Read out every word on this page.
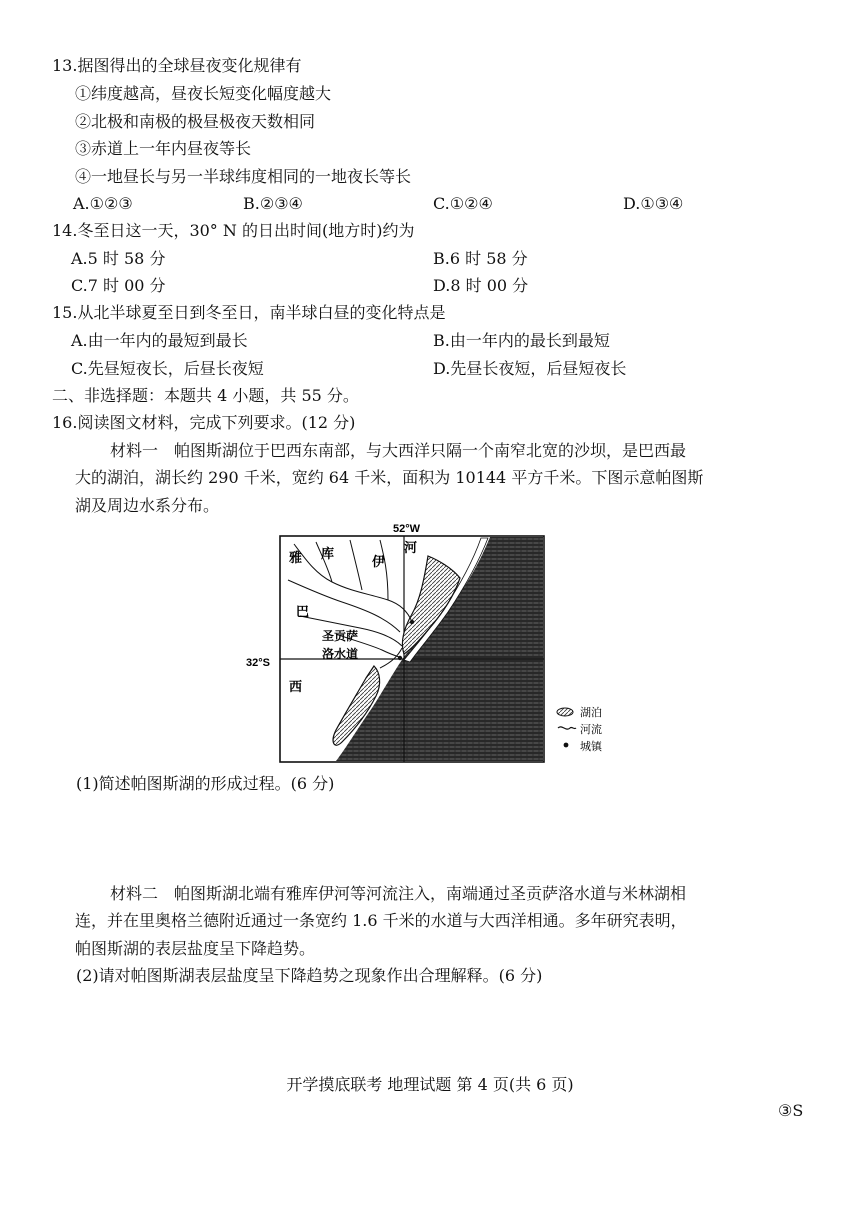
13.据图得出的全球昼夜变化规律有
①纬度越高，昼夜长短变化幅度越大
②北极和南极的极昼极夜天数相同
③赤道上一年内昼夜等长
④一地昼长与另一半球纬度相同的一地夜长等长
A.①②③	B.②③④	C.①②④	D.①③④
14.冬至日这一天，30° N 的日出时间(地方时)约为
A.5 时 58 分	B.6 时 58 分
C.7 时 00 分	D.8 时 00 分
15.从北半球夏至日到冬至日，南半球白昼的变化特点是
A.由一年内的最短到最长	B.由一年内的最长到最短
C.先昼短夜长，后昼长夜短	D.先昼长夜短，后昼短夜长
二、非选择题：本题共 4 小题，共 55 分。
16.阅读图文材料，完成下列要求。(12 分)
材料一　帕图斯湖位于巴西东南部，与大西洋只隔一个南窄北宽的沙坝，是巴西最
大的湖泊，湖长约 290 千米，宽约 64 千米，面积为 10144 平方千米。下图示意帕图斯
湖及周边水系分布。
52°W
32°S
雅 库
伊
河
巴
西
圣贡萨
洛水道
湖泊
河流
城镇
(1)简述帕图斯湖的形成过程。(6 分)
材料二　帕图斯湖北端有雅库伊河等河流注入，南端通过圣贡萨洛水道与米林湖相
连，并在里奥格兰德附近通过一条宽约 1.6 千米的水道与大西洋相通。多年研究表明，
帕图斯湖的表层盐度呈下降趋势。
(2)请对帕图斯湖表层盐度呈下降趋势之现象作出合理解释。(6 分)
开学摸底联考 地理试题 第 4 页(共 6 页)
③S
